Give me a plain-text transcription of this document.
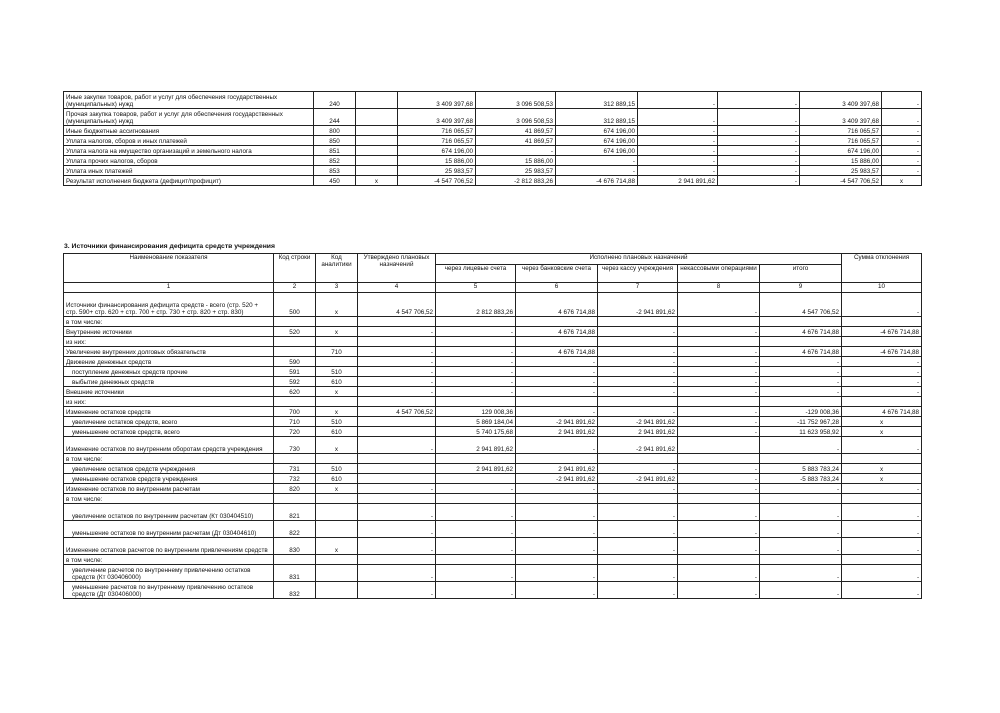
Иные закупки товаров, работ и услуг для обеспечения государственных (муниципальных) нужд	240		3 409 397,68	3 096 508,53	312 889,15	-	-	3 409 397,68	-
Прочая закупка товаров, работ и услуг для обеспечения государственных (муниципальных) нужд	244		3 409 397,68	3 096 508,53	312 889,15	-	-	3 409 397,68	-
Иные бюджетные ассигнования	800		716 065,57	41 869,57	674 196,00	-	-	716 065,57	-
Уплата налогов, сборов и иных платежей	850		716 065,57	41 869,57	674 196,00	-	-	716 065,57	-
Уплата налога на имущество организаций и земельного налога	851		674 196,00	-	674 196,00	-	-	674 196,00	-
Уплата прочих налогов, сборов	852		15 886,00	15 886,00	-	-	-	15 886,00	-
Уплата иных платежей	853		25 983,57	25 983,57	-	-	-	25 983,57	-
Результат исполнения бюджета (дефицит/профицит)	450	x	-4 547 706,52	-2 812 883,26	-4 676 714,88	2 941 891,62	-	-4 547 706,52	x
3. Источники финансирования дефицита средств учреждения
Наименование показателя	Код строки	Код аналитики	Утверждено плановых назначений	Исполнено плановых назначений					Сумма отклонения
				через лицевые счета	через банковские счета	через кассу учреждения	некассовыми операциями	итого	
1	2	3	4	5	6	7	8	9	10
Источники финансирования дефицита средств - всего (стр. 520 + стр. 590+ стр. 620 + стр. 700 + стр. 730 + стр. 820 + стр. 830)	500	x	4 547 706,52	2 812 883,26	4 676 714,88	-2 941 891,62	-	4 547 706,52	-
в том числе:									
Внутренние источники	520	x	-	-	4 676 714,88	-	-	4 676 714,88	-4 676 714,88
из них:									
Увеличение внутренних долговых обязательств		710	-	-	4 676 714,88	-	-	4 676 714,88	-4 676 714,88
Движение денежных средств	590		-	-	-	-	-	-	-
поступление денежных средств прочие	591	510	-	-	-	-	-	-	-
выбытие денежных средств	592	610	-	-	-	-	-	-	-
Внешние источники	620	x	-	-	-	-	-	-	-
из них:									
Изменение остатков средств	700	x	4 547 706,52	129 008,36	-	-	-	-129 008,36	4 676 714,88
увеличение остатков средств, всего	710	510		5 869 184,04	-2 941 891,62	-2 941 891,62	-	-11 752 967,28	x
уменьшение остатков средств, всего	720	610		5 740 175,68	2 941 891,62	2 941 891,62	-	11 623 958,92	x
Изменение остатков по внутренним оборотам средств учреждения	730	x	-	2 941 891,62	-	-2 941 891,62		-	-
в том числе:									
увеличение остатков средств учреждения	731	510		2 941 891,62	2 941 891,62	-	-	5 883 783,24	x
уменьшение остатков средств учреждения	732	610			-2 941 891,62	-2 941 891,62	-	-5 883 783,24	x
Изменение остатков по внутренним расчетам	820	x	-	-	-	-	-	-	-
в том числе:									
увеличение остатков по внутренним расчетам (Кт 030404510)	821		-	-	-	-	-	-	-
уменьшение остатков по внутренним расчетам (Дт 030404610)	822		-	-	-	-	-	-	-
Изменение остатков расчетов по внутренним привлечениям средств	830	x	-	-	-	-	-	-	-
в том числе:									
увеличение расчетов по внутреннему привлечению остатков средств (Кт 030406000)	831		-	-	-	-	-	-	-
уменьшение расчетов по внутреннему привлечению остатков средств (Дт 030406000)	832		-	-	-	-	-	-	-
